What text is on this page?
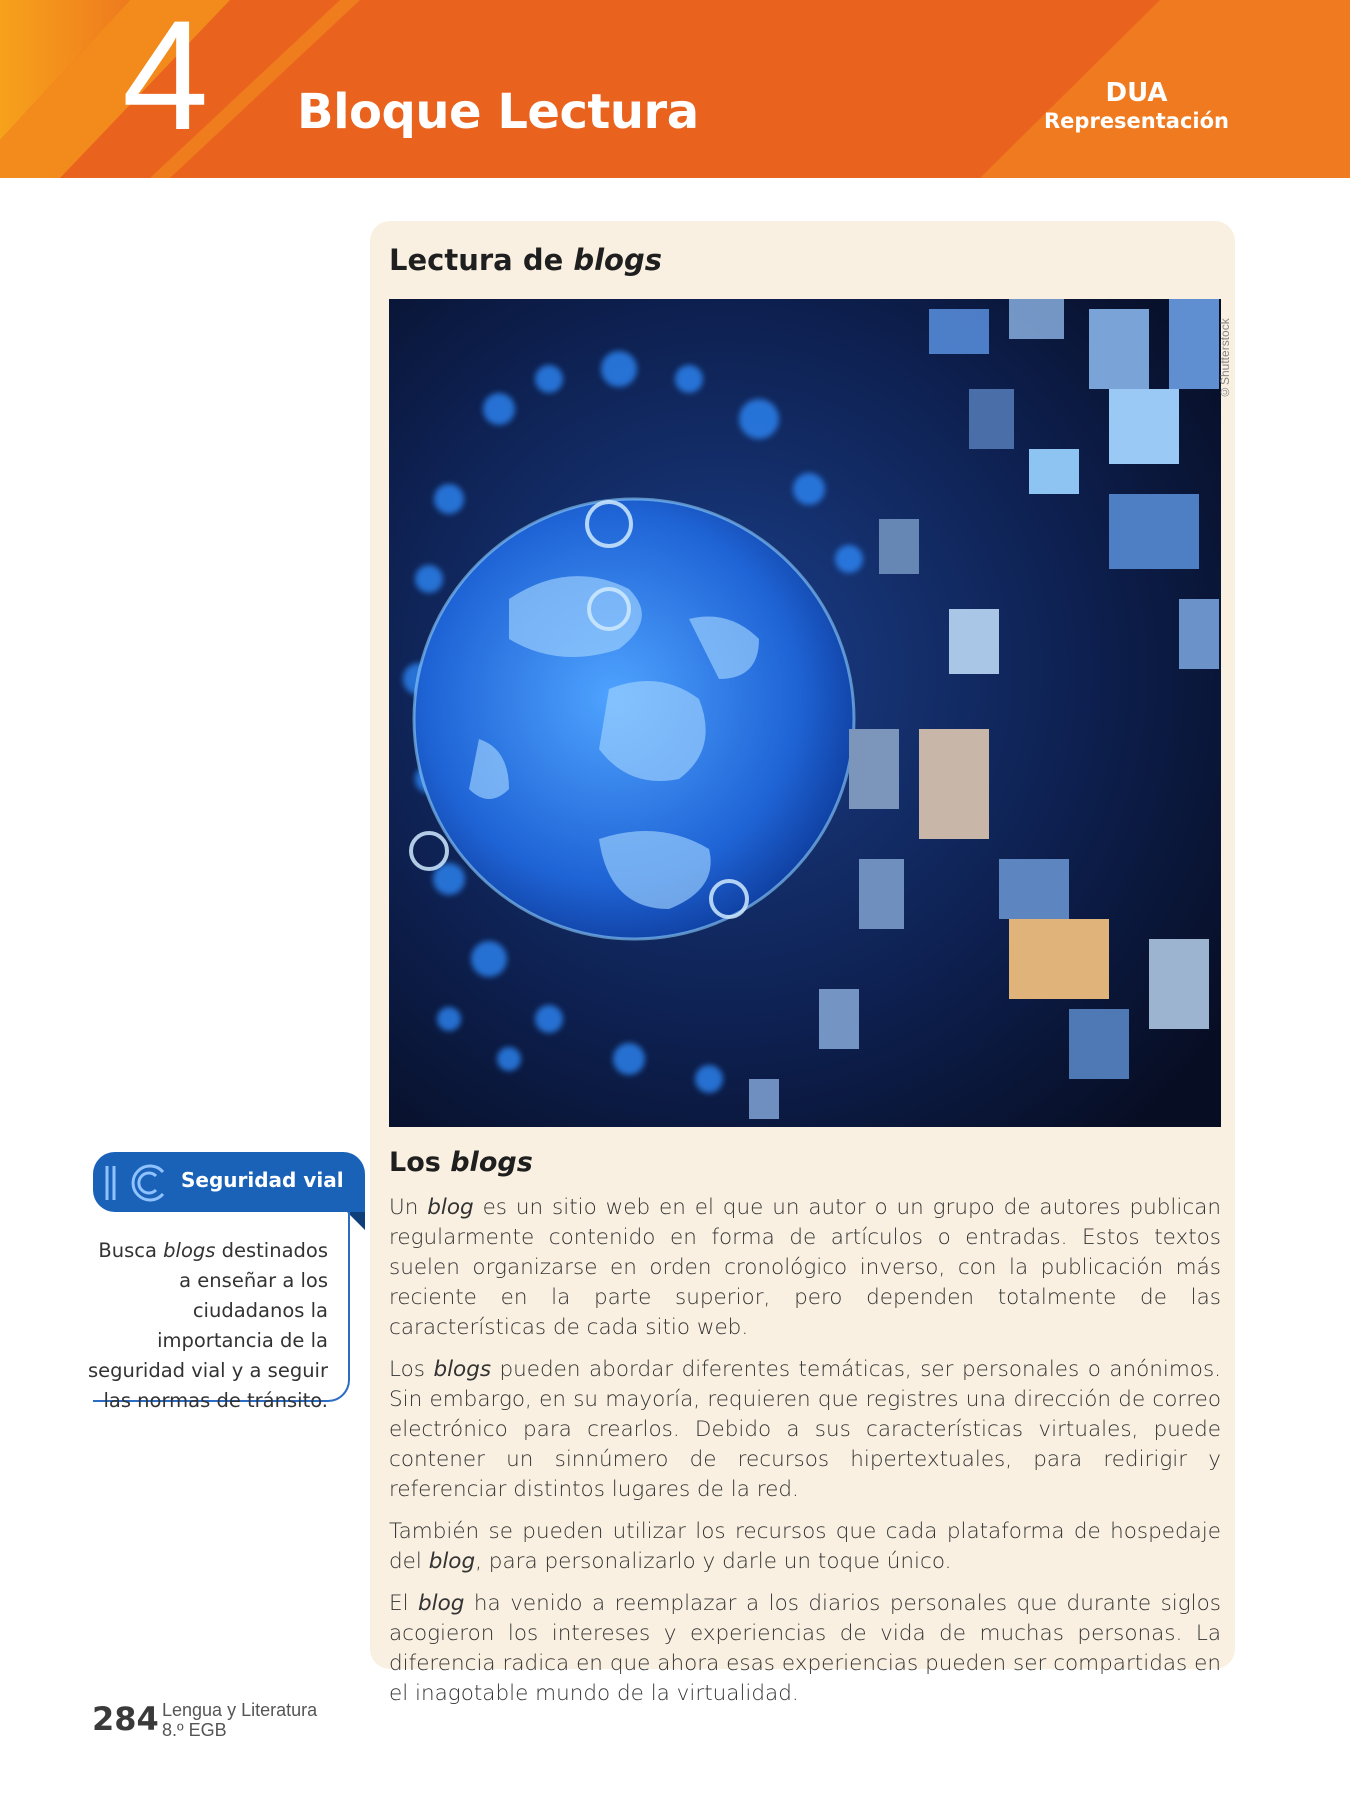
4 Bloque Lectura	DUA
Representación
Lectura de blogs
©Shutterstock
Los blogs

Un blog es un sitio web en el que un autor o un grupo de autores publican regularmente contenido en forma de artículos o entradas. Estos textos suelen organizarse en orden cronológico inverso, con la publicación más reciente en la parte superior, pero dependen totalmente de las características de cada sitio web.

Los blogs pueden abordar diferentes temáticas, ser personales o anónimos. Sin embargo, en su mayoría, requieren que registres una dirección de correo electrónico para crearlos. Debido a sus características virtuales, puede contener un sinnúmero de recursos hipertextuales, para redirigir y referenciar distintos lugares de la red.

También se pueden utilizar los recursos que cada plataforma de hospedaje del blog, para personalizarlo y darle un toque único.

El blog ha venido a reemplazar a los diarios personales que durante siglos acogieron los intereses y experiencias de vida de muchas personas. La diferencia radica en que ahora esas experiencias pueden ser compartidas en el inagotable mundo de la virtualidad.

Seguridad vial
Busca blogs destinados a enseñar a los ciudadanos la importancia de la seguridad vial y a seguir las normas de tránsito.
284 Lengua y Literatura
8.º EGB
